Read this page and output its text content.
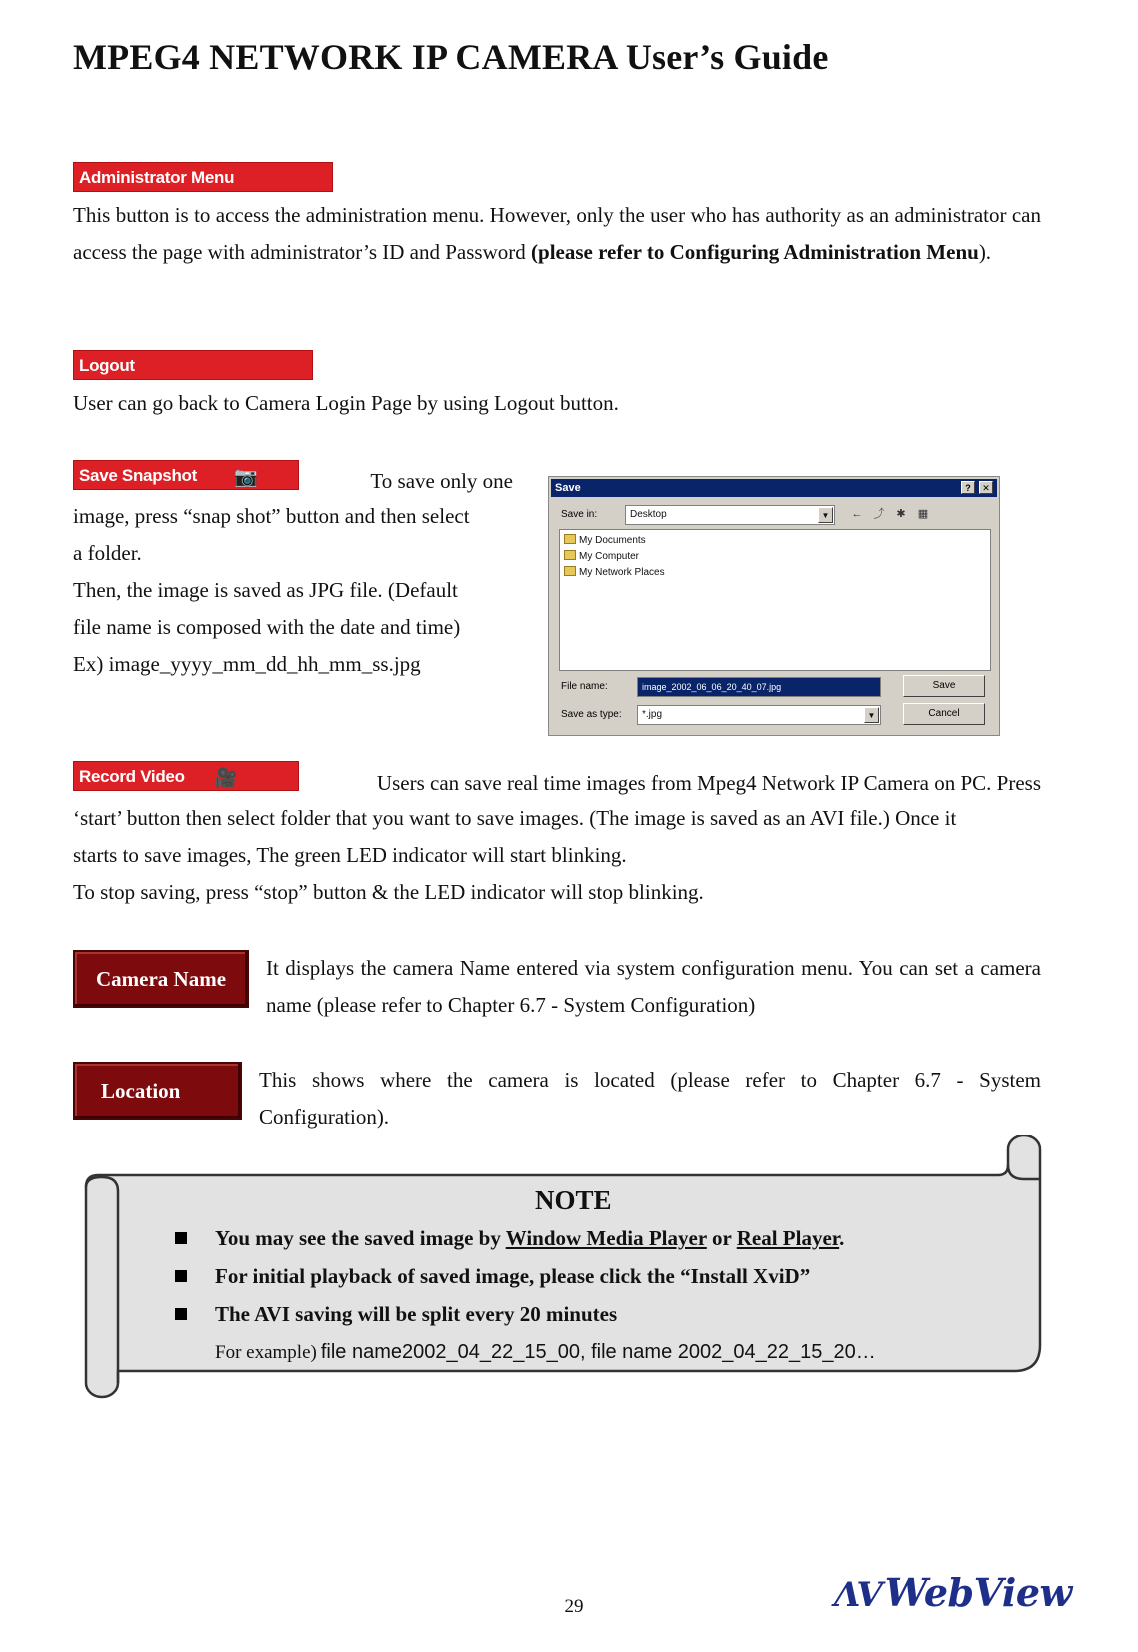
MPEG4 NETWORK IP CAMERA User’s Guide
Administrator Menu
This button is to access the administration menu. However, only the user who has authority as an administrator can access the page with administrator’s ID and Password (please refer to Configuring Administration Menu).
Logout
User can go back to Camera Login Page by using Logout button.
Save Snapshot 📷	To save only one
image, press “snap shot” button and then select
a folder.
Then, the image is saved as JPG file. (Default
file name is composed with the date and time)
Ex) image_yyyy_mm_dd_hh_mm_ss.jpg
Save	?	✕
Save in:	Desktop	▼	← ⤴	✱	▦
My Documents
My Computer
My Network Places
File name:	image_2002_06_06_20_40_07.jpg
Save as type:	*.jpg	▼
Save
Cancel
Record Video 🎥	Users can save real time images from Mpeg4 Network IP Camera on PC. Press
‘start’ button then select folder that you want to save images. (The image is saved as an AVI file.) Once it
starts to save images, The green LED indicator will start blinking.
To stop saving, press “stop” button & the LED indicator will stop blinking.
Camera Name	It displays the camera Name entered via system configuration menu. You can set a camera name (please refer to Chapter 6.7 - System Configuration)
Location	This shows where the camera is located (please refer to Chapter 6.7 - System Configuration).
NOTE
You may see the saved image by Window Media Player or Real Player.
For initial playback of saved image, please click the “Install XviD”
The AVI saving will be split every 20 minutes
For example) file name2002_04_22_15_00, file name 2002_04_22_15_20…
29	ɅV WebView
